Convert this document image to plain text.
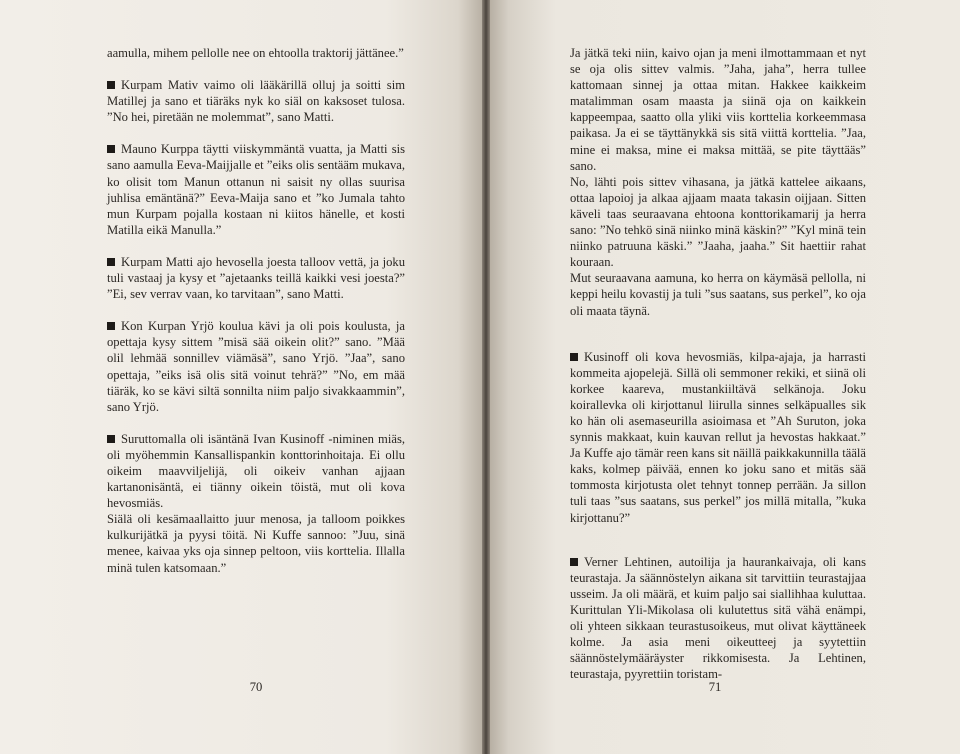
aamulla, mihem pellolle nee on ehtoolla traktorij jättänee.”

Kurpam Mativ vaimo oli lääkärillä olluj ja soitti sim Matillej ja sano et tiäräks nyk ko siäl on kaksoset tulosa. ”No hei, piretään ne molemmat”, sano Matti.

Mauno Kurppa täytti viiskymmäntä vuatta, ja Matti sis sano aamulla Eeva-Maijjalle et ”eiks olis sentääm mukava, ko olisit tom Manun ottanun ni saisit ny ollas suurisa juhlisa emäntänä?” Eeva-Maija sano et ”ko Jumala tahto mun Kurpam pojalla kostaan ni kiitos hänelle, et kosti Matilla eikä Manulla.”

Kurpam Matti ajo hevosella joesta talloov vettä, ja joku tuli vastaaj ja kysy et ”ajetaanks teillä kaikki vesi joesta?” ”Ei, sev verrav vaan, ko tarvitaan”, sano Matti.

Kon Kurpan Yrjö koulua kävi ja oli pois koulusta, ja opettaja kysy sittem ”misä sää oikein olit?” sano. ”Mää olil lehmää sonnillev viämäsä”, sano Yrjö. ”Jaa”, sano opettaja, ”eiks isä olis sitä voinut tehrä?” ”No, em mää tiäräk, ko se kävi siltä sonnilta niim paljo sivakkaammin”, sano Yrjö.

Suruttomalla oli isäntänä Ivan Kusinoff -niminen miäs, oli myöhemmin Kansallispankin konttorinhoitaja. Ei ollu oikeim maavviljelijä, oli oikeiv vanhan ajjaan kartanonisäntä, ei tiänny oikein töistä, mut oli kova hevosmiäs.

Siälä oli kesämaallaitto juur menosa, ja talloom poikkes kulkurijätkä ja pyysi töitä. Ni Kuffe sannoo: ”Juu, sinä menee, kaivaa yks oja sinnep peltoon, viis korttelia. Illalla minä tulen katsomaan.”

70

Ja jätkä teki niin, kaivo ojan ja meni ilmottammaan et nyt se oja olis sittev valmis. ”Jaha, jaha”, herra tullee kattomaan sinnej ja ottaa mitan. Hakkee kaikkeim matalimman osam maasta ja siinä oja on kaikkein kappeempaa, saatto olla yliki viis korttelia korkeemmasa paikasa. Ja ei se täyttänykkä sis sitä viittä korttelia. ”Jaa, mine ei maksa, mine ei maksa mittää, se pite täyttääs” sano.

No, lähti pois sittev vihasana, ja jätkä kattelee aikaans, ottaa lapoioj ja alkaa ajjaam maata takasin oijjaan. Sitten käveli taas seuraavana ehtoona konttorikamarij ja herra sano: ”No tehkö sinä niinko minä käskin?” ”Kyl minä tein niinko patruuna käski.” ”Jaaha, jaaha.” Sit haettiir rahat kouraan.

Mut seuraavana aamuna, ko herra on käymäsä pellolla, ni keppi heilu kovastij ja tuli ”sus saatans, sus perkel”, ko oja oli maata täynä.

Kusinoff oli kova hevosmiäs, kilpa-ajaja, ja harrasti kommeita ajopelejä. Sillä oli semmoner rekiki, et siinä oli korkee kaareva, mustankiiltävä selkänoja. Joku koirallevka oli kirjottanul liirulla sinnes selkäpualles sik ko hän oli asemaseurilla asioimasa et ”Ah Suruton, joka synnis makkaat, kuin kauvan rellut ja hevostas hakkaat.” Ja Kuffe ajo tämär reen kans sit näillä paikkakunnilla täälä kaks, kolmep päivää, ennen ko joku sano et mitäs sää tommosta kirjotusta olet tehnyt tonnep perrään. Ja sillon tuli taas ”sus saatans, sus perkel” jos millä mitalla, ”kuka kirjottanu?”

Verner Lehtinen, autoilija ja haurankaivaja, oli kans teurastaja. Ja säännöstelyn aikana sit tarvittiin teurastajjaa usseim. Ja oli määrä, et kuim paljo sai siallihhaa kuluttaa. Kurittulan Yli-Mikolasa oli kulutettus sitä vähä enämpi, oli yhteen sikkaan teurastusoikeus, mut olivat käyttäneek kolme. Ja asia meni oikeutteej ja syytettiin säännöstelymääräyster rikkomisesta. Ja Lehtinen, teurastaja, pyyrettiin toristam-

71
